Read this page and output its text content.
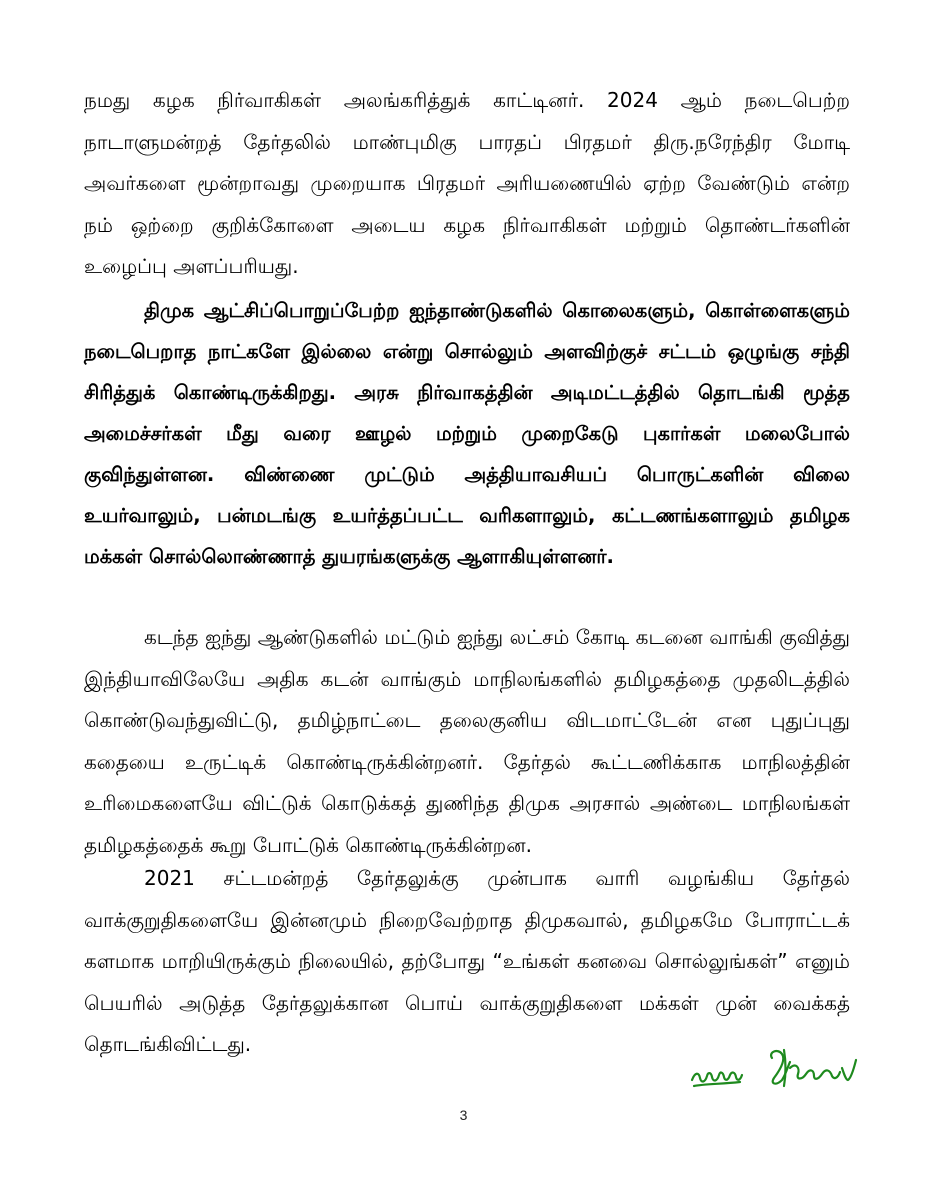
நமது கழக நிர்வாகிகள் அலங்கரித்துக் காட்டினர். 2024 ஆம் நடைபெற்ற நாடாளுமன்றத் தேர்தலில் மாண்புமிகு பாரதப் பிரதமர் திரு.நரேந்திர மோடி அவர்களை மூன்றாவது முறையாக பிரதமர் அரியணையில் ஏற்ற வேண்டும் என்ற நம் ஒற்றை குறிக்கோளை அடைய கழக நிர்வாகிகள் மற்றும் தொண்டர்களின் உழைப்பு அளப்பரியது.

திமுக ஆட்சிப்பொறுப்பேற்ற ஐந்தாண்டுகளில் கொலைகளும், கொள்ளைகளும் நடைபெறாத நாட்களே இல்லை என்று சொல்லும் அளவிற்குச் சட்டம் ஒழுங்கு சந்தி சிரித்துக் கொண்டிருக்கிறது. அரசு நிர்வாகத்தின் அடிமட்டத்தில் தொடங்கி மூத்த அமைச்சர்கள் மீது வரை ஊழல் மற்றும் முறைகேடு புகார்கள் மலைபோல் குவிந்துள்ளன. விண்ணை முட்டும் அத்தியாவசியப் பொருட்களின் விலை உயர்வாலும், பன்மடங்கு உயர்த்தப்பட்ட வரிகளாலும், கட்டணங்களாலும் தமிழக மக்கள் சொல்லொண்ணாத் துயரங்களுக்கு ஆளாகியுள்ளனர்.

கடந்த ஐந்து ஆண்டுகளில் மட்டும் ஐந்து லட்சம் கோடி கடனை வாங்கி குவித்து இந்தியாவிலேயே அதிக கடன் வாங்கும் மாநிலங்களில் தமிழகத்தை முதலிடத்தில் கொண்டுவந்துவிட்டு, தமிழ்நாட்டை தலைகுனிய விடமாட்டேன் என புதுப்புது கதையை உருட்டிக் கொண்டிருக்கின்றனர். தேர்தல் கூட்டணிக்காக மாநிலத்தின் உரிமைகளையே விட்டுக் கொடுக்கத் துணிந்த திமுக அரசால் அண்டை மாநிலங்கள் தமிழகத்தைக் கூறு போட்டுக் கொண்டிருக்கின்றன.

2021 சட்டமன்றத் தேர்தலுக்கு முன்பாக வாரி வழங்கிய தேர்தல் வாக்குறுதிகளையே இன்னமும் நிறைவேற்றாத திமுகவால், தமிழகமே போராட்டக் களமாக மாறியிருக்கும் நிலையில், தற்போது “உங்கள் கனவை சொல்லுங்கள்” எனும் பெயரில் அடுத்த தேர்தலுக்கான பொய் வாக்குறுதிகளை மக்கள் முன் வைக்கத் தொடங்கிவிட்டது.

3
